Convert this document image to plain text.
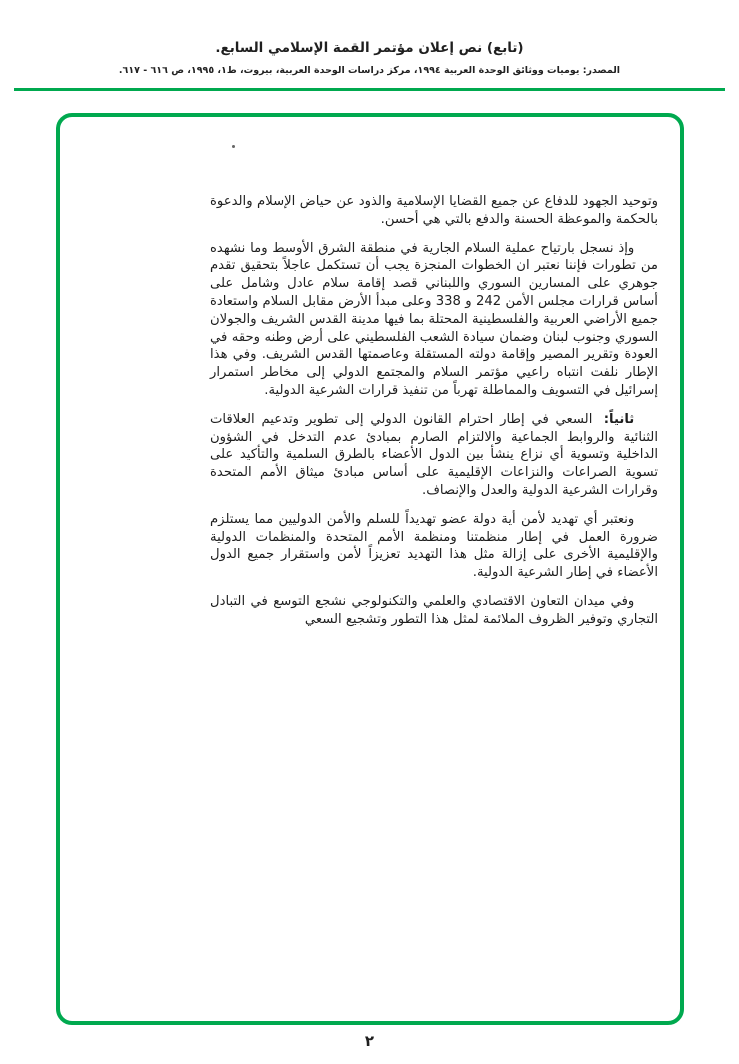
(تابع) نص إعلان مؤتمر القمة الإسلامي السابع.
المصدر: يوميات ووثائق الوحدة العربية ١٩٩٤، مركز دراسات الوحدة العربية، بيروت، ط١، ١٩٩٥، ص ٦١٦ - ٦١٧.

وتوحيد الجهود للدفاع عن جميع القضايا الإسلامية والذود عن حياض الإسلام والدعوة بالحكمة والموعظة الحسنة والدفع بالتي هي أحسن.

وإذ نسجل بارتياح عملية السلام الجارية في منطقة الشرق الأوسط وما نشهده من تطورات فإننا نعتبر ان الخطوات المنجزة يجب أن تستكمل عاجلاً بتحقيق تقدم جوهري على المسارين السوري واللبناني قصد إقامة سلام عادل وشامل على أساس قرارات مجلس الأمن 242 و 338 وعلى مبدأ الأرض مقابل السلام واستعادة جميع الأراضي العربية والفلسطينية المحتلة بما فيها مدينة القدس الشريف والجولان السوري وجنوب لبنان وضمان سيادة الشعب الفلسطيني على أرض وطنه وحقه في العودة وتقرير المصير وإقامة دولته المستقلة وعاصمتها القدس الشريف. وفي هذا الإطار نلفت انتباه راعيي مؤتمر السلام والمجتمع الدولي إلى مخاطر استمرار إسرائيل في التسويف والمماطلة تهرباً من تنفيذ قرارات الشرعية الدولية.

ثانياً: السعي في إطار احترام القانون الدولي إلى تطوير وتدعيم العلاقات الثنائية والروابط الجماعية والالتزام الصارم بمبادئ عدم التدخل في الشؤون الداخلية وتسوية أي نزاع ينشأ بين الدول الأعضاء بالطرق السلمية والتأكيد على تسوية الصراعات والنزاعات الإقليمية على أساس مبادئ ميثاق الأمم المتحدة وقرارات الشرعية الدولية والعدل والإنصاف.

ونعتبر أي تهديد لأمن أية دولة عضو تهديداً للسلم والأمن الدوليين مما يستلزم ضرورة العمل في إطار منظمتنا ومنظمة الأمم المتحدة والمنظمات الدولية والإقليمية الأخرى على إزالة مثل هذا التهديد تعزيزاً لأمن واستقرار جميع الدول الأعضاء في إطار الشرعية الدولية.

وفي ميدان التعاون الاقتصادي والعلمي والتكنولوجي نشجع التوسع في التبادل التجاري وتوفير الظروف الملائمة لمثل هذا التطور وتشجيع السعي

٢
